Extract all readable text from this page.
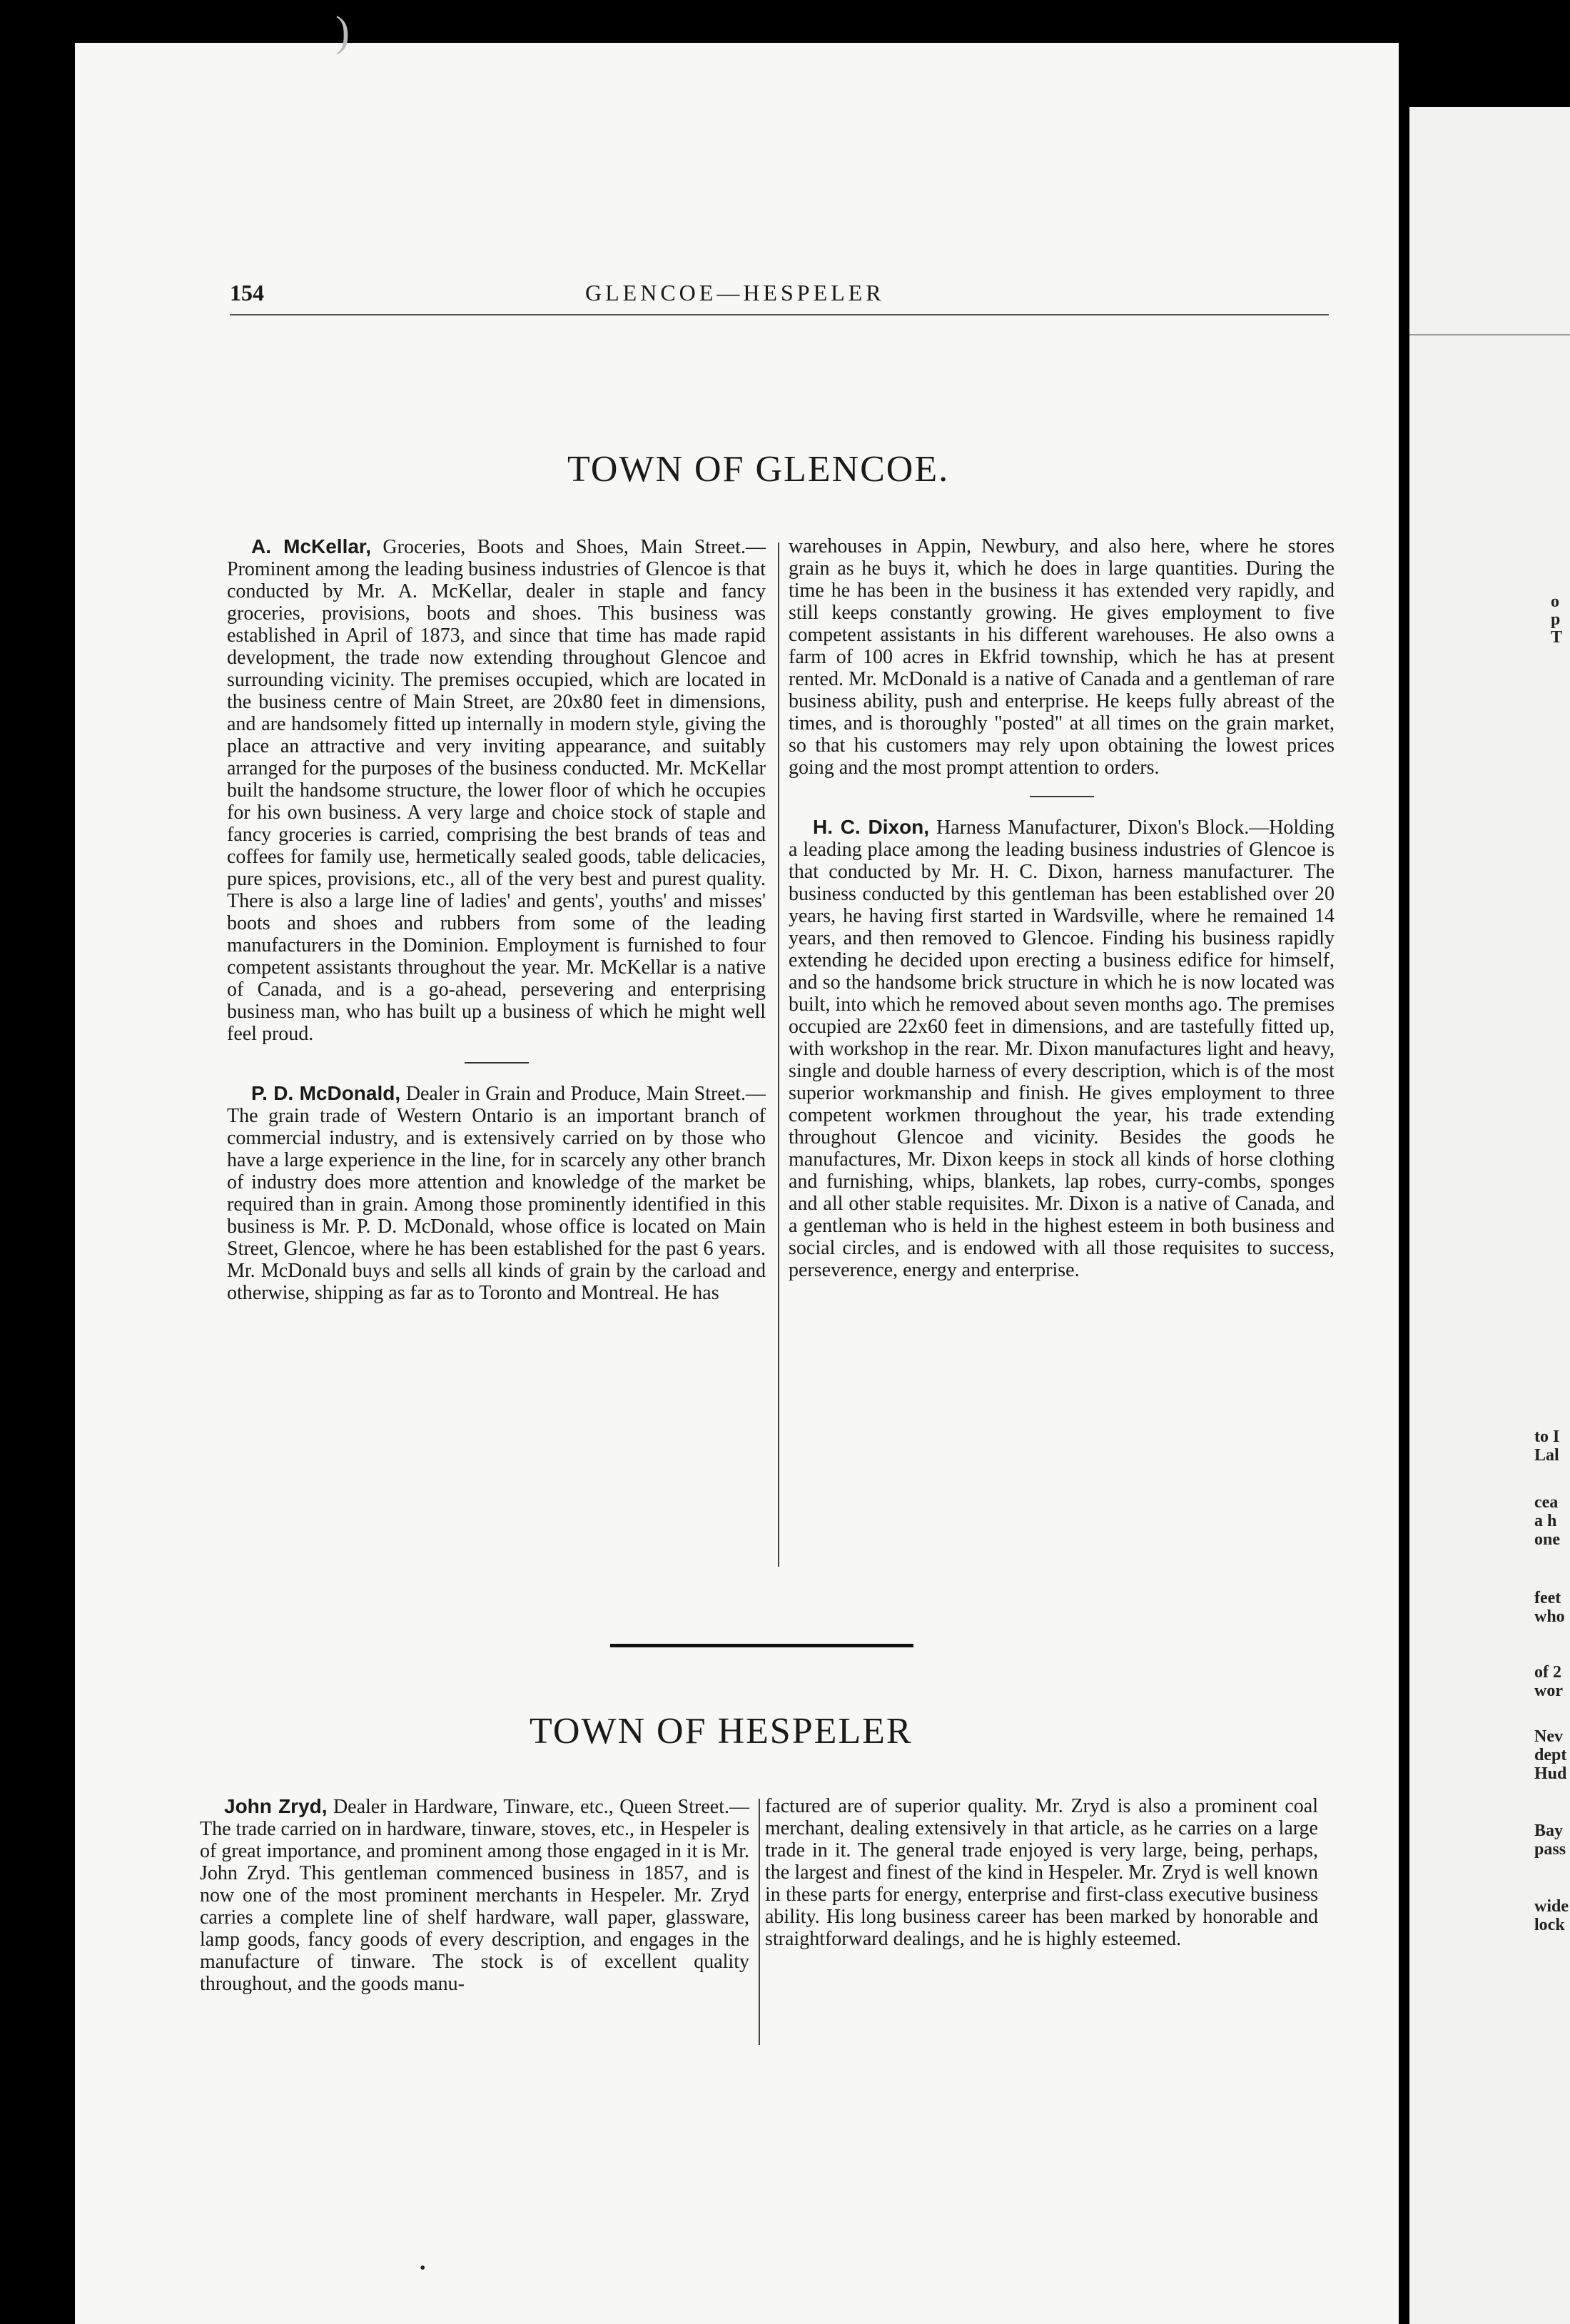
)
154	GLENCOE—HESPELER
TOWN OF GLENCOE.

A. McKellar, Groceries, Boots and Shoes, Main Street.—Prominent among the leading business industries of Glencoe is that conducted by Mr. A. McKellar, dealer in staple and fancy groceries, provisions, boots and shoes. This business was established in April of 1873, and since that time has made rapid development, the trade now extending throughout Glencoe and surrounding vicinity. The premises occupied, which are located in the business centre of Main Street, are 20x80 feet in dimensions, and are handsomely fitted up internally in modern style, giving the place an attractive and very inviting appearance, and suitably arranged for the purposes of the business conducted. Mr. McKellar built the handsome structure, the lower floor of which he occupies for his own business. A very large and choice stock of staple and fancy groceries is carried, comprising the best brands of teas and coffees for family use, hermetically sealed goods, table delicacies, pure spices, provisions, etc., all of the very best and purest quality. There is also a large line of ladies' and gents', youths' and misses' boots and shoes and rubbers from some of the leading manufacturers in the Dominion. Employment is furnished to four competent assistants throughout the year. Mr. McKellar is a native of Canada, and is a go-ahead, persevering and enterprising business man, who has built up a business of which he might well feel proud.

P. D. McDonald, Dealer in Grain and Produce, Main Street.—The grain trade of Western Ontario is an important branch of commercial industry, and is extensively carried on by those who have a large experience in the line, for in scarcely any other branch of industry does more attention and knowledge of the market be required than in grain. Among those prominently identified in this business is Mr. P. D. McDonald, whose office is located on Main Street, Glencoe, where he has been established for the past 6 years. Mr. McDonald buys and sells all kinds of grain by the carload and otherwise, shipping as far as to Toronto and Montreal. He has

warehouses in Appin, Newbury, and also here, where he stores grain as he buys it, which he does in large quantities. During the time he has been in the business it has extended very rapidly, and still keeps constantly growing. He gives employment to five competent assistants in his different warehouses. He also owns a farm of 100 acres in Ekfrid township, which he has at present rented. Mr. McDonald is a native of Canada and a gentleman of rare business ability, push and enterprise. He keeps fully abreast of the times, and is thoroughly "posted" at all times on the grain market, so that his customers may rely upon obtaining the lowest prices going and the most prompt attention to orders.

H. C. Dixon, Harness Manufacturer, Dixon's Block.—Holding a leading place among the leading business industries of Glencoe is that conducted by Mr. H. C. Dixon, harness manufacturer. The business conducted by this gentleman has been established over 20 years, he having first started in Wardsville, where he remained 14 years, and then removed to Glencoe. Finding his business rapidly extending he decided upon erecting a business edifice for himself, and so the handsome brick structure in which he is now located was built, into which he removed about seven months ago. The premises occupied are 22x60 feet in dimensions, and are tastefully fitted up, with workshop in the rear. Mr. Dixon manufactures light and heavy, single and double harness of every description, which is of the most superior workmanship and finish. He gives employment to three competent workmen throughout the year, his trade extending throughout Glencoe and vicinity. Besides the goods he manufactures, Mr. Dixon keeps in stock all kinds of horse clothing and furnishing, whips, blankets, lap robes, curry-combs, sponges and all other stable requisites. Mr. Dixon is a native of Canada, and a gentleman who is held in the highest esteem in both business and social circles, and is endowed with all those requisites to success, perseverence, energy and enterprise.

TOWN OF HESPELER

John Zryd, Dealer in Hardware, Tinware, etc., Queen Street.—The trade carried on in hardware, tinware, stoves, etc., in Hespeler is of great importance, and prominent among those engaged in it is Mr. John Zryd. This gentleman commenced business in 1857, and is now one of the most prominent merchants in Hespeler. Mr. Zryd carries a complete line of shelf hardware, wall paper, glassware, lamp goods, fancy goods of every description, and engages in the manufacture of tinware. The stock is of excellent quality throughout, and the goods manu-

factured are of superior quality. Mr. Zryd is also a prominent coal merchant, dealing extensively in that article, as he carries on a large trade in it. The general trade enjoyed is very large, being, perhaps, the largest and finest of the kind in Hespeler. Mr. Zryd is well known in these parts for energy, enterprise and first-class executive business ability. His long business career has been marked by honorable and straightforward dealings, and he is highly esteemed.

•
o
p
T
to I
Lal
cea
a h
one
feet
who
of 2
wor
Nev
dept
Hud
Bay
pass
wide
lock
